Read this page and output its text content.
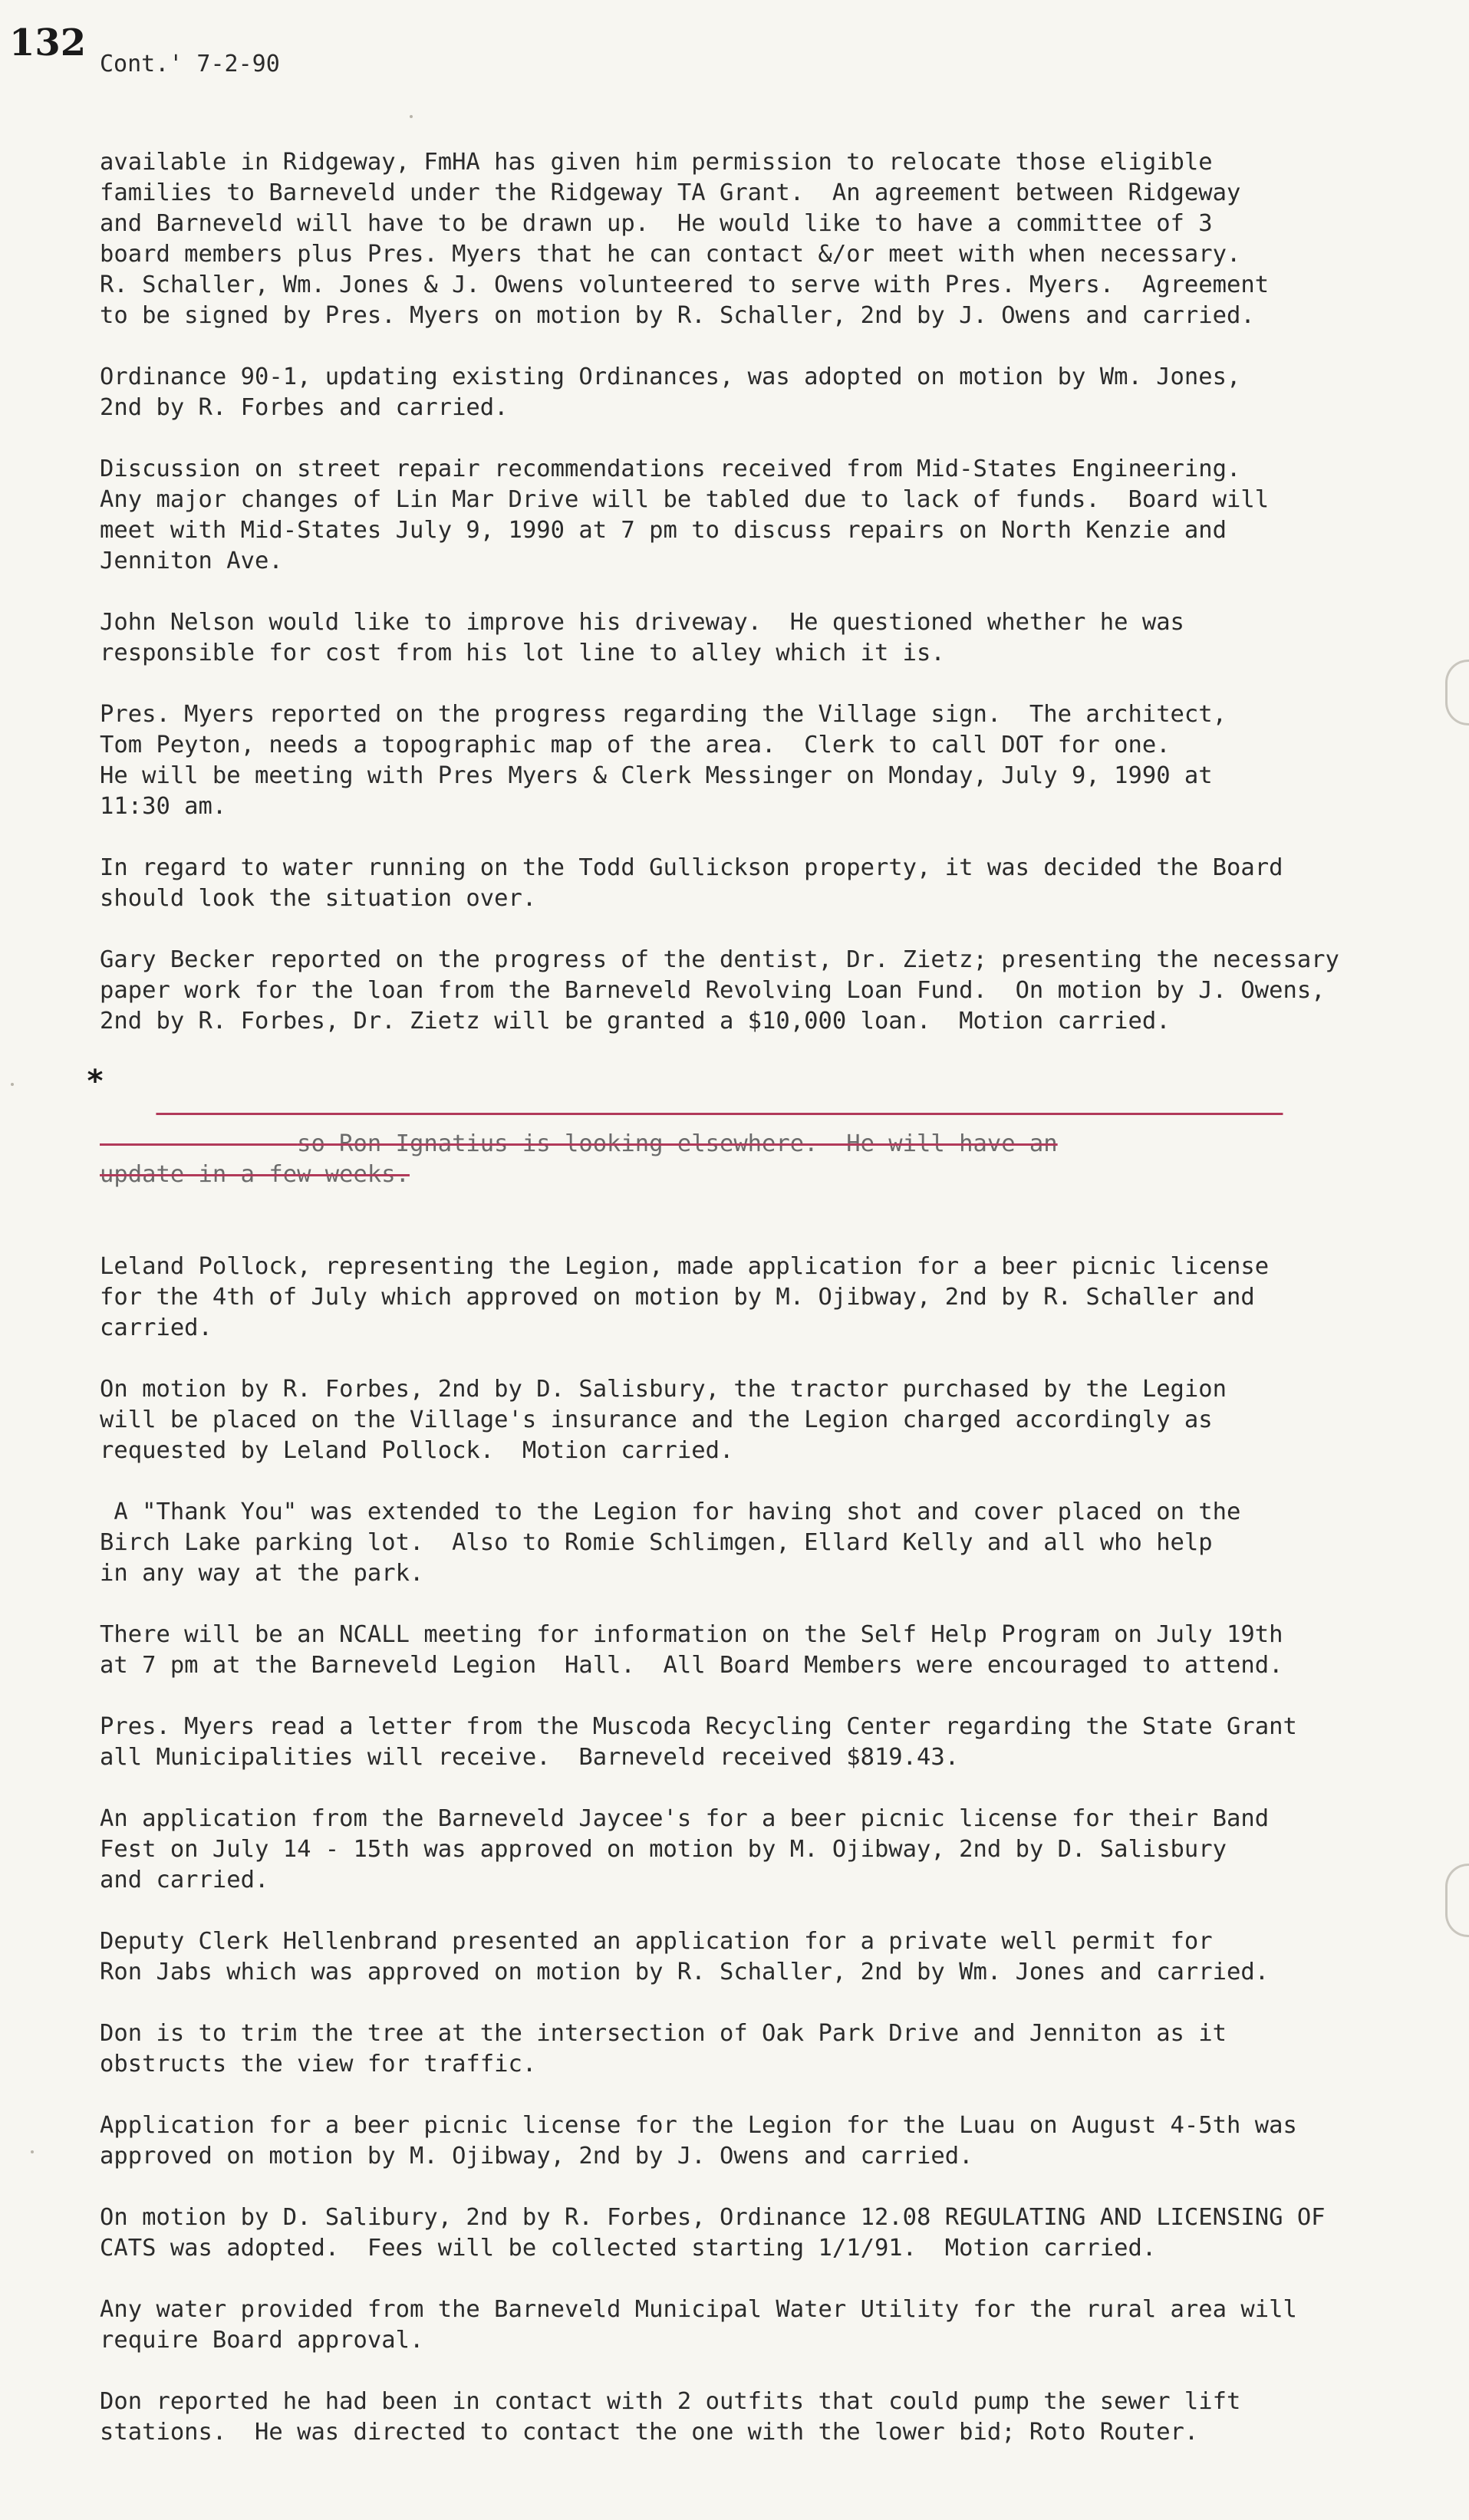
132 Cont.' 7-2-90

available in Ridgeway, FmHA has given him permission to relocate those eligible
families to Barneveld under the Ridgeway TA Grant.  An agreement between Ridgeway
and Barneveld will have to be drawn up.  He would like to have a committee of 3
board members plus Pres. Myers that he can contact &/or meet with when necessary.
R. Schaller, Wm. Jones & J. Owens volunteered to serve with Pres. Myers.  Agreement
to be signed by Pres. Myers on motion by R. Schaller, 2nd by J. Owens and carried.

Ordinance 90-1, updating existing Ordinances, was adopted on motion by Wm. Jones,
2nd by R. Forbes and carried.

Discussion on street repair recommendations received from Mid-States Engineering.
Any major changes of Lin Mar Drive will be tabled due to lack of funds.  Board will
meet with Mid-States July 9, 1990 at 7 pm to discuss repairs on North Kenzie and
Jenniton Ave.

John Nelson would like to improve his driveway.  He questioned whether he was
responsible for cost from his lot line to alley which it is.

Pres. Myers reported on the progress regarding the Village sign.  The architect,
Tom Peyton, needs a topographic map of the area.  Clerk to call DOT for one.
He will be meeting with Pres Myers & Clerk Messinger on Monday, July 9, 1990 at
11:30 am.

In regard to water running on the Todd Gullickson property, it was decided the Board
should look the situation over.

Gary Becker reported on the progress of the dentist, Dr. Zietz; presenting the necessary
paper work for the loan from the Barneveld Revolving Loan Fund.  On motion by J. Owens,
2nd by R. Forbes, Dr. Zietz will be granted a $10,000 loan.  Motion carried.

*

so Ron Ignatius is looking elsewhere.  He will have an
update in a few weeks.

Leland Pollock, representing the Legion, made application for a beer picnic license
for the 4th of July which approved on motion by M. Ojibway, 2nd by R. Schaller and
carried.

On motion by R. Forbes, 2nd by D. Salisbury, the tractor purchased by the Legion
will be placed on the Village's insurance and the Legion charged accordingly as
requested by Leland Pollock.  Motion carried.

A "Thank You" was extended to the Legion for having shot and cover placed on the
Birch Lake parking lot.  Also to Romie Schlimgen, Ellard Kelly and all who help
in any way at the park.

There will be an NCALL meeting for information on the Self Help Program on July 19th
at 7 pm at the Barneveld Legion  Hall.  All Board Members were encouraged to attend.

Pres. Myers read a letter from the Muscoda Recycling Center regarding the State Grant
all Municipalities will receive.  Barneveld received $819.43.

An application from the Barneveld Jaycee's for a beer picnic license for their Band
Fest on July 14 - 15th was approved on motion by M. Ojibway, 2nd by D. Salisbury
and carried.

Deputy Clerk Hellenbrand presented an application for a private well permit for
Ron Jabs which was approved on motion by R. Schaller, 2nd by Wm. Jones and carried.

Don is to trim the tree at the intersection of Oak Park Drive and Jenniton as it
obstructs the view for traffic.

Application for a beer picnic license for the Legion for the Luau on August 4-5th was
approved on motion by M. Ojibway, 2nd by J. Owens and carried.

On motion by D. Salibury, 2nd by R. Forbes, Ordinance 12.08 REGULATING AND LICENSING OF
CATS was adopted.  Fees will be collected starting 1/1/91.  Motion carried.

Any water provided from the Barneveld Municipal Water Utility for the rural area will
require Board approval.

Don reported he had been in contact with 2 outfits that could pump the sewer lift
stations.  He was directed to contact the one with the lower bid; Roto Router.
